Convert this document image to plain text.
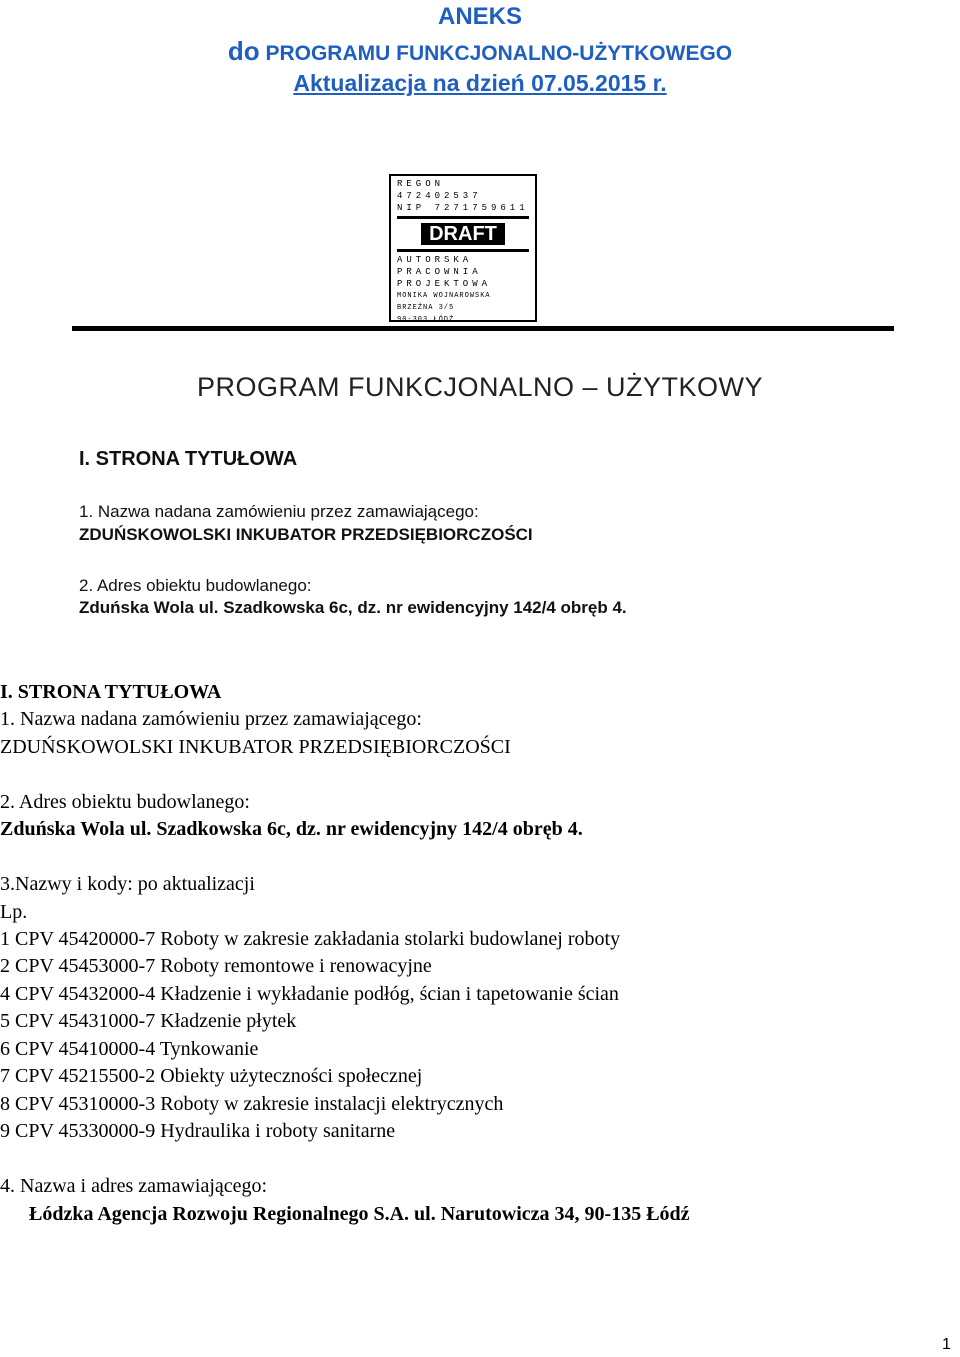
ANEKS
do PROGRAMU FUNKCJONALNO-UŻYTKOWEGO
Aktualizacja na dzień 07.05.2015 r.
REGON 472402537
NIP 7271759611
DRAFT
AUTORSKA
PRACOWNIA
PROJEKTOWA
MONIKA WOJNAROWSKA
BRZEŹNA 3/5
90-303 ŁÓDŹ
PROGRAM FUNKCJONALNO – UŻYTKOWY
I. STRONA TYTUŁOWA
1. Nazwa nadana zamówieniu przez zamawiającego:
ZDUŃSKOWOLSKI INKUBATOR PRZEDSIĘBIORCZOŚCI
2. Adres obiektu budowlanego:
Zduńska Wola ul. Szadkowska 6c, dz. nr ewidencyjny 142/4 obręb 4.
I. STRONA TYTUŁOWA
1. Nazwa nadana zamówieniu przez zamawiającego:
ZDUŃSKOWOLSKI INKUBATOR PRZEDSIĘBIORCZOŚCI
2. Adres obiektu budowlanego:
Zduńska Wola ul. Szadkowska 6c, dz. nr ewidencyjny 142/4 obręb 4.
3.Nazwy i kody: po aktualizacji
Lp.
1 CPV 45420000-7 Roboty w zakresie zakładania stolarki budowlanej roboty
2 CPV 45453000-7 Roboty remontowe i renowacyjne
4 CPV 45432000-4 Kładzenie i wykładanie podłóg, ścian i tapetowanie ścian
5 CPV 45431000-7 Kładzenie płytek
6 CPV 45410000-4 Tynkowanie
7 CPV 45215500-2 Obiekty użyteczności społecznej
8 CPV 45310000-3 Roboty w zakresie instalacji elektrycznych
9 CPV 45330000-9 Hydraulika i roboty sanitarne
4. Nazwa i adres zamawiającego:
Łódzka Agencja Rozwoju Regionalnego S.A. ul. Narutowicza 34, 90-135 Łódź
1
